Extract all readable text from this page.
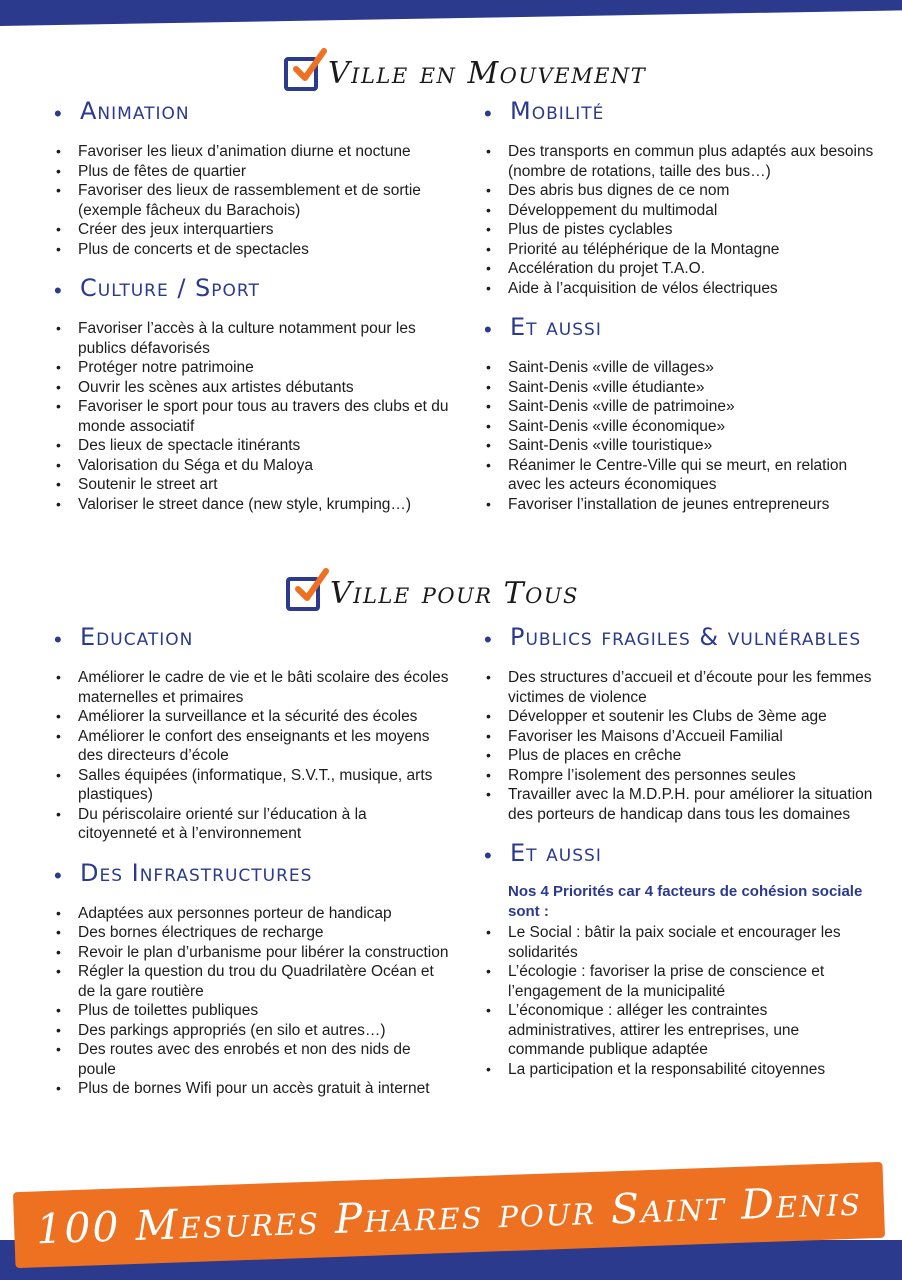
Ville en Mouvement
• Animation
• Favoriser les lieux d’animation diurne et noctune
• Plus de fêtes de quartier
• Favoriser des lieux de rassemblement et de sortie (exemple fâcheux du Barachois)
• Créer des jeux interquartiers
• Plus de concerts et de spectacles
• Culture / Sport
• Favoriser l’accès à la culture notamment pour les publics défavorisés
• Protéger notre patrimoine
• Ouvrir les scènes aux artistes débutants
• Favoriser le sport pour tous au travers des clubs et du monde associatif
• Des lieux de spectacle itinérants
• Valorisation du Séga et du Maloya
• Soutenir le street art
• Valoriser le street dance (new style, krumping…)
• Mobilité
• Des transports en commun plus adaptés aux besoins (nombre de rotations, taille des bus…)
• Des abris bus dignes de ce nom
• Développement du multimodal
• Plus de pistes cyclables
• Priorité au téléphérique de la Montagne
• Accélération du projet T.A.O.
• Aide à l’acquisition de vélos électriques
• Et aussi
• Saint-Denis «ville de villages»
• Saint-Denis «ville étudiante»
• Saint-Denis «ville de patrimoine»
• Saint-Denis «ville économique»
• Saint-Denis «ville touristique»
• Réanimer le Centre-Ville qui se meurt, en relation avec les acteurs économiques
• Favoriser l’installation de jeunes entrepreneurs
Ville pour Tous
• Education
• Améliorer le cadre de vie et le bâti scolaire des écoles maternelles et primaires
• Améliorer la surveillance et la sécurité des écoles
• Améliorer le confort des enseignants et les moyens des directeurs d’école
• Salles équipées (informatique, S.V.T., musique, arts plastiques)
• Du périscolaire orienté sur l’éducation à la citoyenneté et à l’environnement
• Des Infrastructures
• Adaptées aux personnes porteur de handicap
• Des bornes électriques de recharge
• Revoir le plan d’urbanisme pour libérer la construction
• Régler la question du trou du Quadrilatère Océan et de la gare routière
• Plus de toilettes publiques
• Des parkings appropriés (en silo et autres…)
• Des routes avec des enrobés et non des nids de poule
• Plus de bornes Wifi pour un accès gratuit à internet
• Publics fragiles & vulnérables
• Des structures d’accueil et d’écoute pour les femmes victimes de violence
• Développer et soutenir les Clubs de 3ème age
• Favoriser les Maisons d’Accueil Familial
• Plus de places en crêche
• Rompre l’isolement des personnes seules
• Travailler avec la M.D.P.H. pour améliorer la situation des porteurs de handicap dans tous les domaines
• Et aussi
Nos 4 Priorités car 4 facteurs de cohésion sociale sont :
• Le Social : bâtir la paix sociale et encourager les solidarités
• L’écologie : favoriser la prise de conscience et l’engagement de la municipalité
• L’économique : alléger les contraintes administratives, attirer les entreprises, une commande publique adaptée
• La participation et la responsabilité citoyennes
100 Mesures Phares pour Saint Denis
